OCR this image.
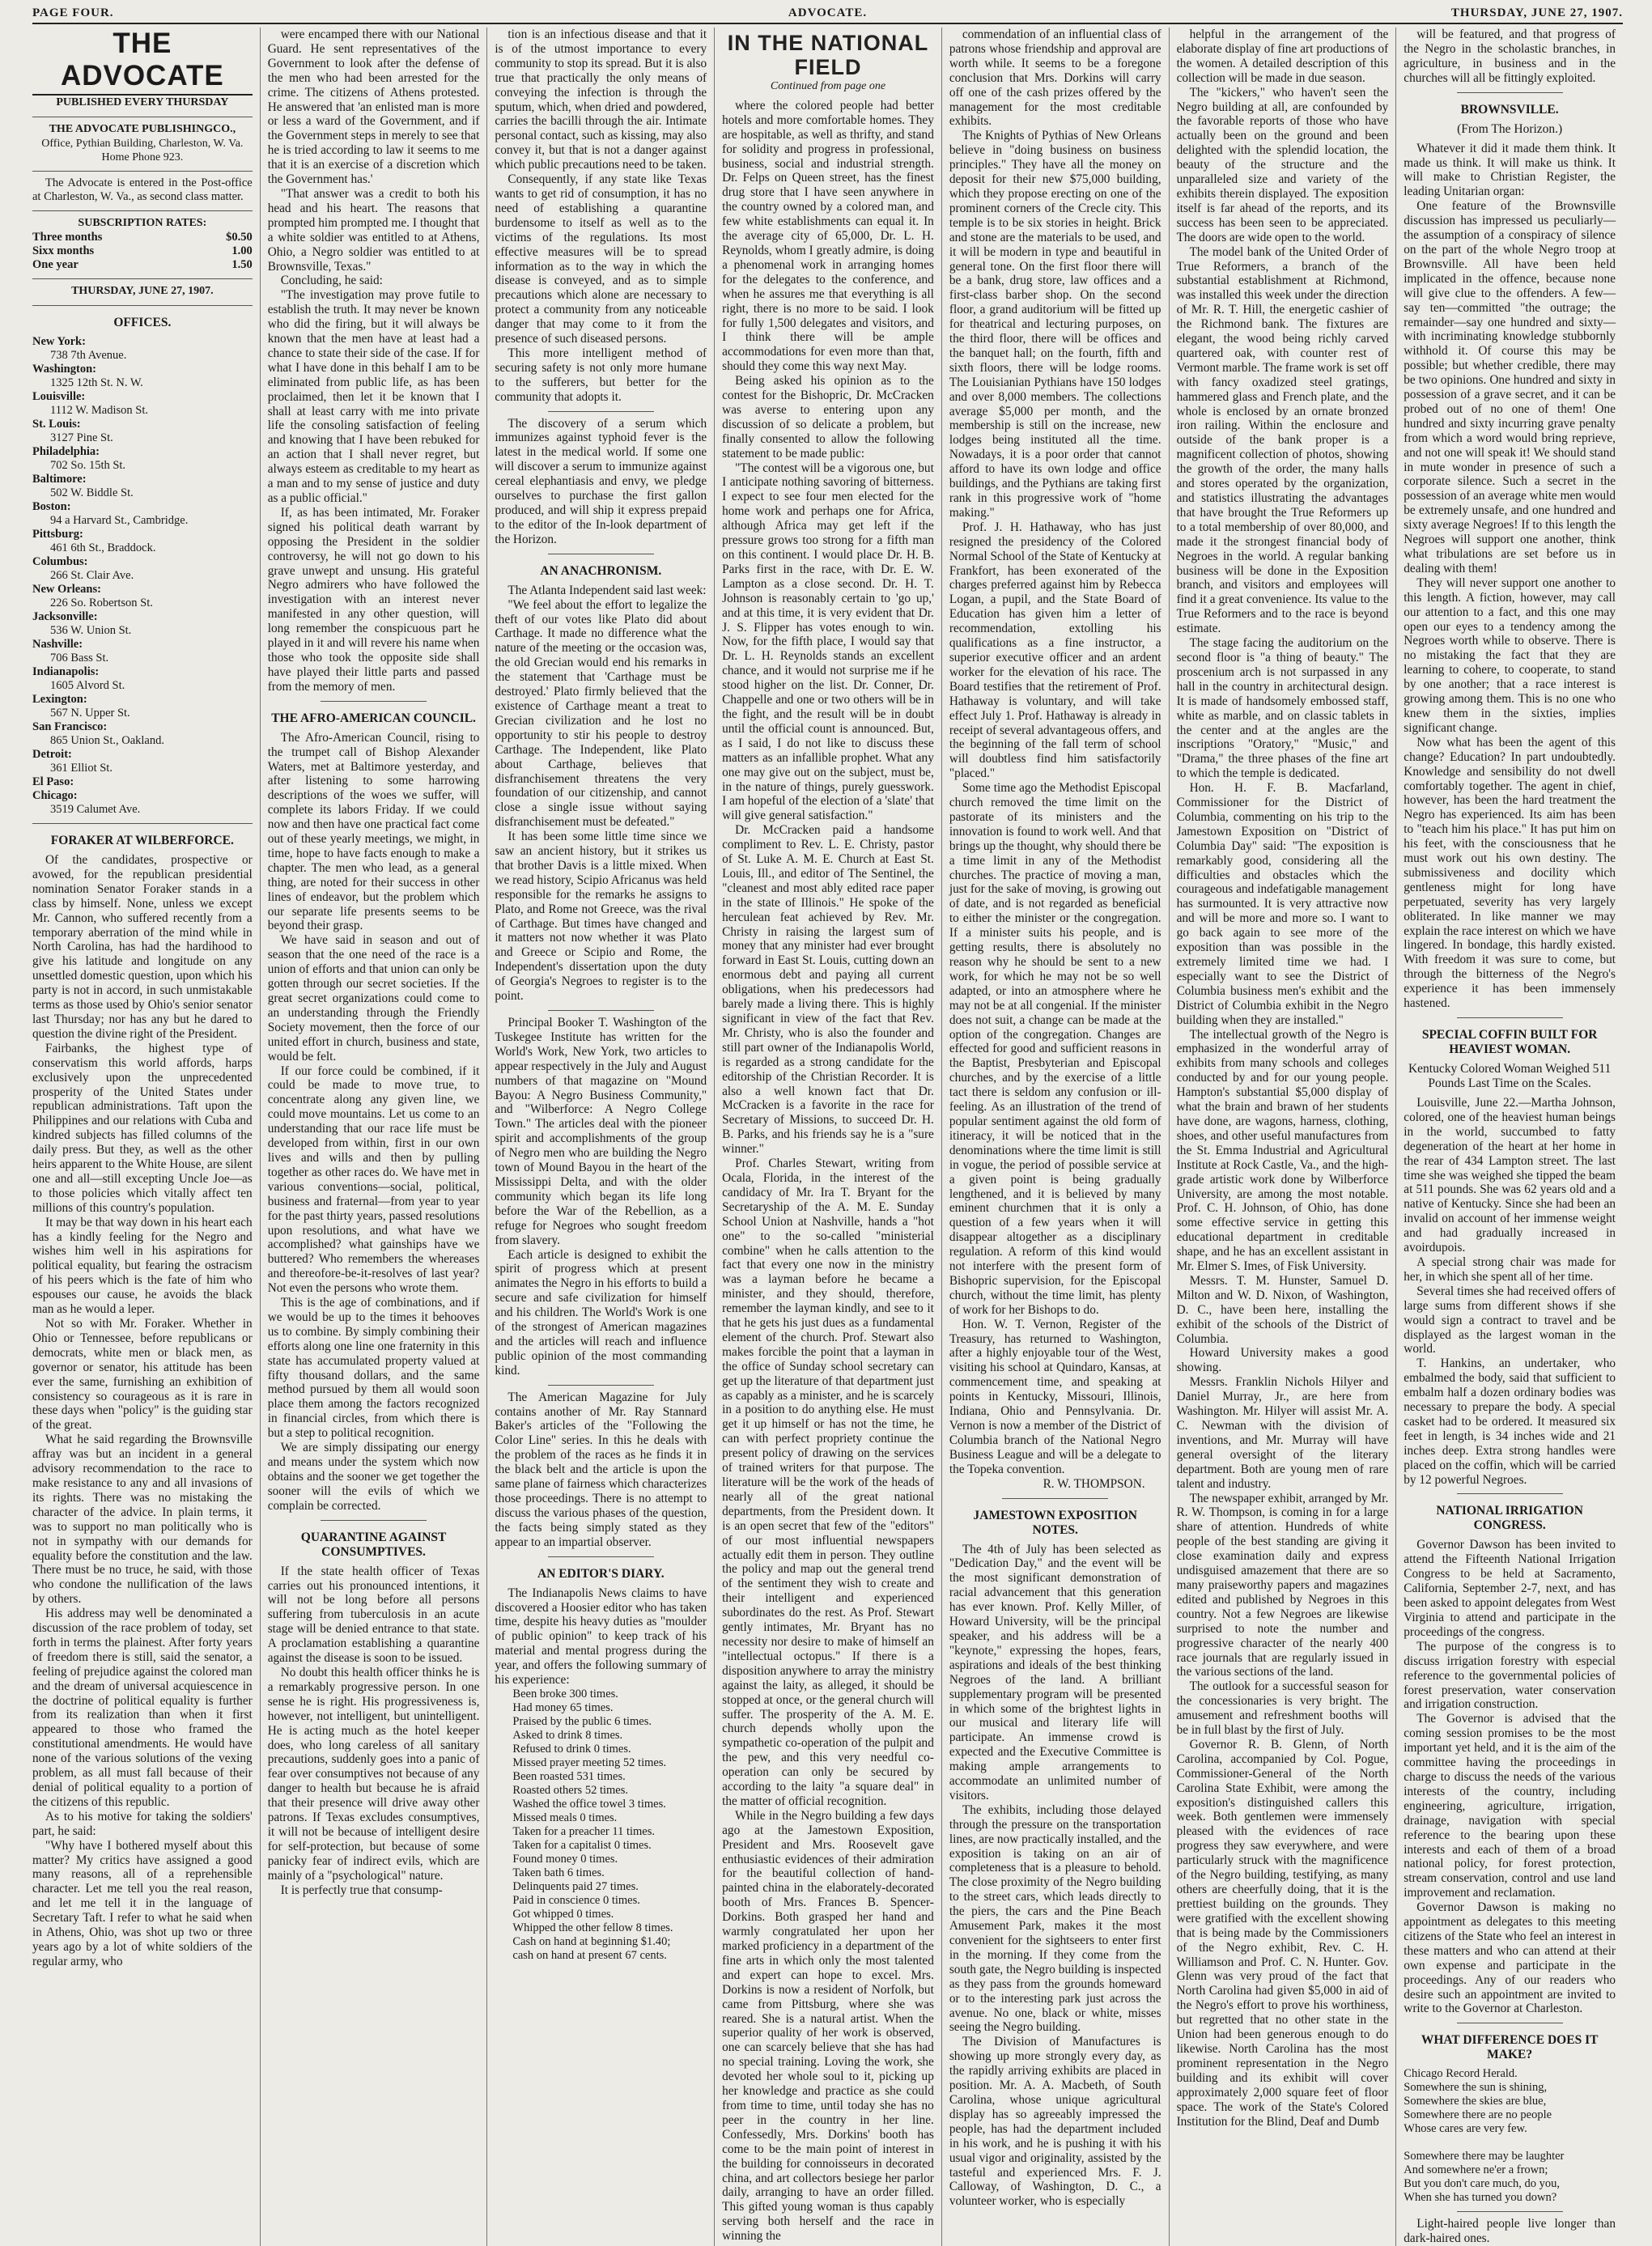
PAGE FOUR.	ADVOCATE.	THURSDAY, JUNE 27, 1907.
THE ADVOCATE
PUBLISHED EVERY THURSDAY
THE ADVOCATE PUBLISHINGCO.,
Office, Pythian Building, Charleston, W. Va.
Home Phone 923.

The Advocate is entered in the Post-office at Charleston, W. Va., as second class matter.

SUBSCRIPTION RATES:
Three months	$0.50
Sixx months	1.00
One year	1.50
THURSDAY, JUNE 27, 1907.
OFFICES.
New York:
738 7th Avenue.
Washington:
1325 12th St. N. W.
Louisville:
1112 W. Madison St.
St. Louis:
3127 Pine St.
Philadelphia:
702 So. 15th St.
Baltimore:
502 W. Biddle St.
Boston:
94 a Harvard St., Cambridge.
Pittsburg:
461 6th St., Braddock.
Columbus:
266 St. Clair Ave.
New Orleans:
226 So. Robertson St.
Jacksonville:
536 W. Union St.
Nashville:
706 Bass St.
Indianapolis:
1605 Alvord St.
Lexington:
567 N. Upper St.
San Francisco:
865 Union St., Oakland.
Detroit:
361 Elliot St.
El Paso:
Chicago:
3519 Calumet Ave.
FORAKER AT WILBERFORCE.

Of the candidates, prospective or avowed, for the republican presidential nomination Senator Foraker stands in a class by himself. None, unless we except Mr. Cannon, who suffered recently from a temporary aberration of the mind while in North Carolina, has had the hardihood to give his latitude and longitude on any unsettled domestic question, upon which his party is not in accord, in such unmistakable terms as those used by Ohio's senior senator last Thursday; nor has any but he dared to question the divine right of the President.

Fairbanks, the highest type of conservatism this world affords, harps exclusively upon the unprecedented prosperity of the United States under republican administrations. Taft upon the Philippines and our relations with Cuba and kindred subjects has filled columns of the daily press. But they, as well as the other heirs apparent to the White House, are silent one and all—still excepting Uncle Joe—as to those policies which vitally affect ten millions of this country's population.

It may be that way down in his heart each has a kindly feeling for the Negro and wishes him well in his aspirations for political equality, but fearing the ostracism of his peers which is the fate of him who espouses our cause, he avoids the black man as he would a leper.

Not so with Mr. Foraker. Whether in Ohio or Tennessee, before republicans or democrats, white men or black men, as governor or senator, his attitude has been ever the same, furnishing an exhibition of consistency so courageous as it is rare in these days when "policy" is the guiding star of the great.

What he said regarding the Brownsville affray was but an incident in a general advisory recommendation to the race to make resistance to any and all invasions of its rights. There was no mistaking the character of the advice. In plain terms, it was to support no man politically who is not in sympathy with our demands for equality before the constitution and the law. There must be no truce, he said, with those who condone the nullification of the laws by others.

His address may well be denominated a discussion of the race problem of today, set forth in terms the plainest. After forty years of freedom there is still, said the senator, a feeling of prejudice against the colored man and the dream of universal acquiescence in the doctrine of political equality is further from its realization than when it first appeared to those who framed the constitutional amendments. He would have none of the various solutions of the vexing problem, as all must fall because of their denial of political equality to a portion of the citizens of this republic.

As to his motive for taking the soldiers' part, he said:

"Why have I bothered myself about this matter? My critics have assigned a good many reasons, all of a reprehensible character. Let me tell you the real reason, and let me tell it in the language of Secretary Taft. I refer to what he said when in Athens, Ohio, was shot up two or three years ago by a lot of white soldiers of the regular army, who

were encamped there with our National Guard. He sent representatives of the Government to look after the defense of the men who had been arrested for the crime. The citizens of Athens protested. He answered that 'an enlisted man is more or less a ward of the Government, and if the Government steps in merely to see that he is tried according to law it seems to me that it is an exercise of a discretion which the Government has.'

"That answer was a credit to both his head and his heart. The reasons that prompted him prompted me. I thought that a white soldier was entitled to at Athens, Ohio, a Negro soldier was entitled to at Brownsville, Texas."

Concluding, he said:

"The investigation may prove futile to establish the truth. It may never be known who did the firing, but it will always be known that the men have at least had a chance to state their side of the case. If for what I have done in this behalf I am to be eliminated from public life, as has been proclaimed, then let it be known that I shall at least carry with me into private life the consoling satisfaction of feeling and knowing that I have been rebuked for an action that I shall never regret, but always esteem as creditable to my heart as a man and to my sense of justice and duty as a public official."

If, as has been intimated, Mr. Foraker signed his political death warrant by opposing the President in the soldier controversy, he will not go down to his grave unwept and unsung. His grateful Negro admirers who have followed the investigation with an interest never manifested in any other question, will long remember the conspicuous part he played in it and will revere his name when those who took the opposite side shall have played their little parts and passed from the memory of men.

THE AFRO-AMERICAN COUNCIL.

The Afro-American Council, rising to the trumpet call of Bishop Alexander Waters, met at Baltimore yesterday, and after listening to some harrowing descriptions of the woes we suffer, will complete its labors Friday. If we could now and then have one practical fact come out of these yearly meetings, we might, in time, hope to have facts enough to make a chapter. The men who lead, as a general thing, are noted for their success in other lines of endeavor, but the problem which our separate life presents seems to be beyond their grasp.

We have said in season and out of season that the one need of the race is a union of efforts and that union can only be gotten through our secret societies. If the great secret organizations could come to an understanding through the Friendly Society movement, then the force of our united effort in church, business and state, would be felt.

If our force could be combined, if it could be made to move true, to concentrate along any given line, we could move mountains. Let us come to an understanding that our race life must be developed from within, first in our own lives and wills and then by pulling together as other races do. We have met in various conventions—social, political, business and fraternal—from year to year for the past thirty years, passed resolutions upon resolutions, and what have we accomplished? what gainships have we buttered? Who remembers the whereases and thereofore-be-it-resolves of last year? Not even the persons who wrote them.

This is the age of combinations, and if we would be up to the times it behooves us to combine. By simply combining their efforts along one line one fraternity in this state has accumulated property valued at fifty thousand dollars, and the same method pursued by them all would soon place them among the factors recognized in financial circles, from which there is but a step to political recognition.

We are simply dissipating our energy and means under the system which now obtains and the sooner we get together the sooner will the evils of which we complain be corrected.

QUARANTINE AGAINST CONSUMPTIVES.

If the state health officer of Texas carries out his pronounced intentions, it will not be long before all persons suffering from tuberculosis in an acute stage will be denied entrance to that state. A proclamation establishing a quarantine against the disease is soon to be issued.

No doubt this health officer thinks he is a remarkably progressive person. In one sense he is right. His progressiveness is, however, not intelligent, but unintelligent. He is acting much as the hotel keeper does, who long careless of all sanitary precautions, suddenly goes into a panic of fear over consumptives not because of any danger to health but because he is afraid that their presence will drive away other patrons. If Texas excludes consumptives, it will not be because of intelligent desire for self-protection, but because of some panicky fear of indirect evils, which are mainly of a "psychological" nature.

It is perfectly true that consump-

tion is an infectious disease and that it is of the utmost importance to every community to stop its spread. But it is also true that practically the only means of conveying the infection is through the sputum, which, when dried and powdered, carries the bacilli through the air. Intimate personal contact, such as kissing, may also convey it, but that is not a danger against which public precautions need to be taken.

Consequently, if any state like Texas wants to get rid of consumption, it has no need of establishing a quarantine burdensome to itself as well as to the victims of the regulations. Its most effective measures will be to spread information as to the way in which the disease is conveyed, and as to simple precautions which alone are necessary to protect a community from any noticeable danger that may come to it from the presence of such diseased persons.

This more intelligent method of securing safety is not only more humane to the sufferers, but better for the community that adopts it.

The discovery of a serum which immunizes against typhoid fever is the latest in the medical world. If some one will discover a serum to immunize against cereal elephantiasis and envy, we pledge ourselves to purchase the first gallon produced, and will ship it express prepaid to the editor of the In-look department of the Horizon.

AN ANACHRONISM.

The Atlanta Independent said last week:

"We feel about the effort to legalize the theft of our votes like Plato did about Carthage. It made no difference what the nature of the meeting or the occasion was, the old Grecian would end his remarks in the statement that 'Carthage must be destroyed.' Plato firmly believed that the existence of Carthage meant a treat to Grecian civilization and he lost no opportunity to stir his people to destroy Carthage. The Independent, like Plato about Carthage, believes that disfranchisement threatens the very foundation of our citizenship, and cannot close a single issue without saying disfranchisement must be defeated."

It has been some little time since we saw an ancient history, but it strikes us that brother Davis is a little mixed. When we read history, Scipio Africanus was held responsible for the remarks he assigns to Plato, and Rome not Greece, was the rival of Carthage. But times have changed and it matters not now whether it was Plato and Greece or Scipio and Rome, the Independent's dissertation upon the duty of Georgia's Negroes to register is to the point.

Principal Booker T. Washington of the Tuskegee Institute has written for the World's Work, New York, two articles to appear respectively in the July and August numbers of that magazine on "Mound Bayou: A Negro Business Community," and "Wilberforce: A Negro College Town." The articles deal with the pioneer spirit and accomplishments of the group of Negro men who are building the Negro town of Mound Bayou in the heart of the Mississippi Delta, and with the older community which began its life long before the War of the Rebellion, as a refuge for Negroes who sought freedom from slavery.

Each article is designed to exhibit the spirit of progress which at present animates the Negro in his efforts to build a secure and safe civilization for himself and his children. The World's Work is one of the strongest of American magazines and the articles will reach and influence public opinion of the most commanding kind.

The American Magazine for July contains another of Mr. Ray Stannard Baker's articles of the "Following the Color Line" series. In this he deals with the problem of the races as he finds it in the black belt and the article is upon the same plane of fairness which characterizes those proceedings. There is no attempt to discuss the various phases of the question, the facts being simply stated as they appear to an impartial observer.

AN EDITOR'S DIARY.

The Indianapolis News claims to have discovered a Hoosier editor who has taken time, despite his heavy duties as "moulder of public opinion" to keep track of his material and mental progress during the year, and offers the following summary of his experience:

Been broke 300 times.
Had money 65 times.
Praised by the public 6 times.
Asked to drink 8 times.
Refused to drink 0 times.
Missed prayer meeting 52 times.
Been roasted 531 times.
Roasted others 52 times.
Washed the office towel 3 times.
Missed meals 0 times.
Taken for a preacher 11 times.
Taken for a capitalist 0 times.
Found money 0 times.
Taken bath 6 times.
Delinquents paid 27 times.
Paid in conscience 0 times.
Got whipped 0 times.
Whipped the other fellow 8 times.
Cash on hand at beginning $1.40;
cash on hand at present 67 cents.
IN THE NATIONAL FIELD
Continued from page one

where the colored people had better hotels and more comfortable homes. They are hospitable, as well as thrifty, and stand for solidity and progress in professional, business, social and industrial strength. Dr. Felps on Queen street, has the finest drug store that I have seen anywhere in the country owned by a colored man, and few white establishments can equal it. In the average city of 65,000, Dr. L. H. Reynolds, whom I greatly admire, is doing a phenomenal work in arranging homes for the delegates to the conference, and when he assures me that everything is all right, there is no more to be said. I look for fully 1,500 delegates and visitors, and I think there will be ample accommodations for even more than that, should they come this way next May.

Being asked his opinion as to the contest for the Bishopric, Dr. McCracken was averse to entering upon any discussion of so delicate a problem, but finally consented to allow the following statement to be made public:

"The contest will be a vigorous one, but I anticipate nothing savoring of bitterness. I expect to see four men elected for the home work and perhaps one for Africa, although Africa may get left if the pressure grows too strong for a fifth man on this continent. I would place Dr. H. B. Parks first in the race, with Dr. E. W. Lampton as a close second. Dr. H. T. Johnson is reasonably certain to 'go up,' and at this time, it is very evident that Dr. J. S. Flipper has votes enough to win. Now, for the fifth place, I would say that Dr. L. H. Reynolds stands an excellent chance, and it would not surprise me if he stood higher on the list. Dr. Conner, Dr. Chappelle and one or two others will be in the fight, and the result will be in doubt until the official count is announced. But, as I said, I do not like to discuss these matters as an infallible prophet. What any one may give out on the subject, must be, in the nature of things, purely guesswork. I am hopeful of the election of a 'slate' that will give general satisfaction."

Dr. McCracken paid a handsome compliment to Rev. L. E. Christy, pastor of St. Luke A. M. E. Church at East St. Louis, Ill., and editor of The Sentinel, the "cleanest and most ably edited race paper in the state of Illinois." He spoke of the herculean feat achieved by Rev. Mr. Christy in raising the largest sum of money that any minister had ever brought forward in East St. Louis, cutting down an enormous debt and paying all current obligations, when his predecessors had barely made a living there. This is highly significant in view of the fact that Rev. Mr. Christy, who is also the founder and still part owner of the Indianapolis World, is regarded as a strong candidate for the editorship of the Christian Recorder. It is also a well known fact that Dr. McCracken is a favorite in the race for Secretary of Missions, to succeed Dr. H. B. Parks, and his friends say he is a "sure winner."

Prof. Charles Stewart, writing from Ocala, Florida, in the interest of the candidacy of Mr. Ira T. Bryant for the Secretaryship of the A. M. E. Sunday School Union at Nashville, hands a "hot one" to the so-called "ministerial combine" when he calls attention to the fact that every one now in the ministry was a layman before he became a minister, and they should, therefore, remember the layman kindly, and see to it that he gets his just dues as a fundamental element of the church. Prof. Stewart also makes forcible the point that a layman in the office of Sunday school secretary can get up the literature of that department just as capably as a minister, and he is scarcely in a position to do anything else. He must get it up himself or has not the time, he can with perfect propriety continue the present policy of drawing on the services of trained writers for that purpose. The literature will be the work of the heads of nearly all of the great national departments, from the President down. It is an open secret that few of the "editors" of our most influential newspapers actually edit them in person. They outline the policy and map out the general trend of the sentiment they wish to create and their intelligent and experienced subordinates do the rest. As Prof. Stewart gently intimates, Mr. Bryant has no necessity nor desire to make of himself an "intellectual octopus." If there is a disposition anywhere to array the ministry against the laity, as alleged, it should be stopped at once, or the general church will suffer. The prosperity of the A. M. E. church depends wholly upon the sympathetic co-operation of the pulpit and the pew, and this very needful co-operation can only be secured by according to the laity "a square deal" in the matter of official recognition.

While in the Negro building a few days ago at the Jamestown Exposition, President and Mrs. Roosevelt gave enthusiastic evidences of their admiration for the beautiful collection of hand-painted china in the elaborately-decorated booth of Mrs. Frances B. Spencer-Dorkins. Both grasped her hand and warmly congratulated her upon her marked proficiency in a department of the fine arts in which only the most talented and expert can hope to excel. Mrs. Dorkins is now a resident of Norfolk, but came from Pittsburg, where she was reared. She is a natural artist. When the superior quality of her work is observed, one can scarcely believe that she has had no special training. Loving the work, she devoted her whole soul to it, picking up her knowledge and practice as she could from time to time, until today she has no peer in the country in her line. Confessedly, Mrs. Dorkins' booth has come to be the main point of interest in the building for connoisseurs in decorated china, and art collectors besiege her parlor daily, arranging to have an order filled. This gifted young woman is thus capably serving both herself and the race in winning the

commendation of an influential class of patrons whose friendship and approval are worth while. It seems to be a foregone conclusion that Mrs. Dorkins will carry off one of the cash prizes offered by the management for the most creditable exhibits.

The Knights of Pythias of New Orleans believe in "doing business on business principles." They have all the money on deposit for their new $75,000 building, which they propose erecting on one of the prominent corners of the Crecle city. This temple is to be six stories in height. Brick and stone are the materials to be used, and it will be modern in type and beautiful in general tone. On the first floor there will be a bank, drug store, law offices and a first-class barber shop. On the second floor, a grand auditorium will be fitted up for theatrical and lecturing purposes, on the third floor, there will be offices and the banquet hall; on the fourth, fifth and sixth floors, there will be lodge rooms. The Louisianian Pythians have 150 lodges and over 8,000 members. The collections average $5,000 per month, and the membership is still on the increase, new lodges being instituted all the time. Nowadays, it is a poor order that cannot afford to have its own lodge and office buildings, and the Pythians are taking first rank in this progressive work of "home making."

Prof. J. H. Hathaway, who has just resigned the presidency of the Colored Normal School of the State of Kentucky at Frankfort, has been exonerated of the charges preferred against him by Rebecca Logan, a pupil, and the State Board of Education has given him a letter of recommendation, extolling his qualifications as a fine instructor, a superior executive officer and an ardent worker for the elevation of his race. The Board testifies that the retirement of Prof. Hathaway is voluntary, and will take effect July 1. Prof. Hathaway is already in receipt of several advantageous offers, and the beginning of the fall term of school will doubtless find him satisfactorily "placed."

Some time ago the Methodist Episcopal church removed the time limit on the pastorate of its ministers and the innovation is found to work well. And that brings up the thought, why should there be a time limit in any of the Methodist churches. The practice of moving a man, just for the sake of moving, is growing out of date, and is not regarded as beneficial to either the minister or the congregation. If a minister suits his people, and is getting results, there is absolutely no reason why he should be sent to a new work, for which he may not be so well adapted, or into an atmosphere where he may not be at all congenial. If the minister does not suit, a change can be made at the option of the congregation. Changes are effected for good and sufficient reasons in the Baptist, Presbyterian and Episcopal churches, and by the exercise of a little tact there is seldom any confusion or ill-feeling. As an illustration of the trend of popular sentiment against the old form of itineracy, it will be noticed that in the denominations where the time limit is still in vogue, the period of possible service at a given point is being gradually lengthened, and it is believed by many eminent churchmen that it is only a question of a few years when it will disappear altogether as a disciplinary regulation. A reform of this kind would not interfere with the present form of Bishopric supervision, for the Episcopal church, without the time limit, has plenty of work for her Bishops to do.

Hon. W. T. Vernon, Register of the Treasury, has returned to Washington, after a highly enjoyable tour of the West, visiting his school at Quindaro, Kansas, at commencement time, and speaking at points in Kentucky, Missouri, Illinois, Indiana, Ohio and Pennsylvania. Dr. Vernon is now a member of the District of Columbia branch of the National Negro Business League and will be a delegate to the Topeka convention.

R. W. THOMPSON.

JAMESTOWN EXPOSITION NOTES.

The 4th of July has been selected as "Dedication Day," and the event will be the most significant demonstration of racial advancement that this generation has ever known. Prof. Kelly Miller, of Howard University, will be the principal speaker, and his address will be a "keynote," expressing the hopes, fears, aspirations and ideals of the best thinking Negroes of the land. A brilliant supplementary program will be presented in which some of the brightest lights in our musical and literary life will participate. An immense crowd is expected and the Executive Committee is making ample arrangements to accommodate an unlimited number of visitors.

The exhibits, including those delayed through the pressure on the transportation lines, are now practically installed, and the exposition is taking on an air of completeness that is a pleasure to behold. The close proximity of the Negro building to the street cars, which leads directly to the piers, the cars and the Pine Beach Amusement Park, makes it the most convenient for the sightseers to enter first in the morning. If they come from the south gate, the Negro building is inspected as they pass from the grounds homeward or to the interesting park just across the avenue. No one, black or white, misses seeing the Negro building.

The Division of Manufactures is showing up more strongly every day, as the rapidly arriving exhibits are placed in position. Mr. A. A. Macbeth, of South Carolina, whose unique agricultural display has so agreeably impressed the people, has had the department included in his work, and he is pushing it with his usual vigor and originality, assisted by the tasteful and experienced Mrs. F. J. Calloway, of Washington, D. C., a volunteer worker, who is especially

helpful in the arrangement of the elaborate display of fine art productions of the women. A detailed description of this collection will be made in due season.

The "kickers," who haven't seen the Negro building at all, are confounded by the favorable reports of those who have actually been on the ground and been delighted with the splendid location, the beauty of the structure and the unparalleled size and variety of the exhibits therein displayed. The exposition itself is far ahead of the reports, and its success has been seen to be appreciated. The doors are wide open to the world.

The model bank of the United Order of True Reformers, a branch of the substantial establishment at Richmond, was installed this week under the direction of Mr. R. T. Hill, the energetic cashier of the Richmond bank. The fixtures are elegant, the wood being richly carved quartered oak, with counter rest of Vermont marble. The frame work is set off with fancy oxadized steel gratings, hammered glass and French plate, and the whole is enclosed by an ornate bronzed iron railing. Within the enclosure and outside of the bank proper is a magnificent collection of photos, showing the growth of the order, the many halls and stores operated by the organization, and statistics illustrating the advantages that have brought the True Reformers up to a total membership of over 80,000, and made it the strongest financial body of Negroes in the world. A regular banking business will be done in the Exposition branch, and visitors and employees will find it a great convenience. Its value to the True Reformers and to the race is beyond estimate.

The stage facing the auditorium on the second floor is "a thing of beauty." The proscenium arch is not surpassed in any hall in the country in architectural design. It is made of handsomely embossed staff, white as marble, and on classic tablets in the center and at the angles are the inscriptions "Oratory," "Music," and "Drama," the three phases of the fine art to which the temple is dedicated.

Hon. H. F. B. Macfarland, Commissioner for the District of Columbia, commenting on his trip to the Jamestown Exposition on "District of Columbia Day" said: "The exposition is remarkably good, considering all the difficulties and obstacles which the courageous and indefatigable management has surmounted. It is very attractive now and will be more and more so. I want to go back again to see more of the exposition than was possible in the extremely limited time we had. I especially want to see the District of Columbia business men's exhibit and the District of Columbia exhibit in the Negro building when they are installed."

The intellectual growth of the Negro is emphasized in the wonderful array of exhibits from many schools and colleges conducted by and for our young people. Hampton's substantial $5,000 display of what the brain and brawn of her students have done, are wagons, harness, clothing, shoes, and other useful manufactures from the St. Emma Industrial and Agricultural Institute at Rock Castle, Va., and the high-grade artistic work done by Wilberforce University, are among the most notable. Prof. C. H. Johnson, of Ohio, has done some effective service in getting this educational department in creditable shape, and he has an excellent assistant in Mr. Elmer S. Imes, of Fisk University.

Messrs. T. M. Hunster, Samuel D. Milton and W. D. Nixon, of Washington, D. C., have been here, installing the exhibit of the schools of the District of Columbia.

Howard University makes a good showing.

Messrs. Franklin Nichols Hilyer and Daniel Murray, Jr., are here from Washington. Mr. Hilyer will assist Mr. A. C. Newman with the division of inventions, and Mr. Murray will have general oversight of the literary department. Both are young men of rare talent and industry.

The newspaper exhibit, arranged by Mr. R. W. Thompson, is coming in for a large share of attention. Hundreds of white people of the best standing are giving it close examination daily and express undisguised amazement that there are so many praiseworthy papers and magazines edited and published by Negroes in this country. Not a few Negroes are likewise surprised to note the number and progressive character of the nearly 400 race journals that are regularly issued in the various sections of the land.

The outlook for a successful season for the concessionaries is very bright. The amusement and refreshment booths will be in full blast by the first of July.

Governor R. B. Glenn, of North Carolina, accompanied by Col. Pogue, Commissioner-General of the North Carolina State Exhibit, were among the exposition's distinguished callers this week. Both gentlemen were immensely pleased with the evidences of race progress they saw everywhere, and were particularly struck with the magnificence of the Negro building, testifying, as many others are cheerfully doing, that it is the prettiest building on the grounds. They were gratified with the excellent showing that is being made by the Commissioners of the Negro exhibit, Rev. C. H. Williamson and Prof. C. N. Hunter. Gov. Glenn was very proud of the fact that North Carolina had given $5,000 in aid of the Negro's effort to prove his worthiness, but regretted that no other state in the Union had been generous enough to do likewise. North Carolina has the most prominent representation in the Negro building and its exhibit will cover approximately 2,000 square feet of floor space. The work of the State's Colored Institution for the Blind, Deaf and Dumb

will be featured, and that progress of the Negro in the scholastic branches, in agriculture, in business and in the churches will all be fittingly exploited.

BROWNSVILLE.
(From The Horizon.)

Whatever it did it made them think. It made us think. It will make us think. It will make to Christian Register, the leading Unitarian organ:

One feature of the Brownsville discussion has impressed us peculiarly—the assumption of a conspiracy of silence on the part of the whole Negro troop at Brownsville. All have been held implicated in the offence, because none will give clue to the offenders. A few—say ten—committed "the outrage; the remainder—say one hundred and sixty—with incriminating knowledge stubbornly withhold it. Of course this may be possible; but whether credible, there may be two opinions. One hundred and sixty in possession of a grave secret, and it can be probed out of no one of them! One hundred and sixty incurring grave penalty from which a word would bring reprieve, and not one will speak it! We should stand in mute wonder in presence of such a corporate silence. Such a secret in the possession of an average white men would be extremely unsafe, and one hundred and sixty average Negroes! If to this length the Negroes will support one another, think what tribulations are set before us in dealing with them!

They will never support one another to this length. A fiction, however, may call our attention to a fact, and this one may open our eyes to a tendency among the Negroes worth while to observe. There is no mistaking the fact that they are learning to cohere, to cooperate, to stand by one another; that a race interest is growing among them. This is no one who knew them in the sixties, implies significant change.

Now what has been the agent of this change? Education? In part undoubtedly. Knowledge and sensibility do not dwell comfortably together. The agent in chief, however, has been the hard treatment the Negro has experienced. Its aim has been to "teach him his place." It has put him on his feet, with the consciousness that he must work out his own destiny. The submissiveness and docility which gentleness might for long have perpetuated, severity has very largely obliterated. In like manner we may explain the race interest on which we have lingered. In bondage, this hardly existed. With freedom it was sure to come, but through the bitterness of the Negro's experience it has been immensely hastened.

SPECIAL COFFIN BUILT FOR HEAVIEST WOMAN.
Kentucky Colored Woman Weighed 511 Pounds Last Time on the Scales.

Louisville, June 22.—Martha Johnson, colored, one of the heaviest human beings in the world, succumbed to fatty degeneration of the heart at her home in the rear of 434 Lampton street. The last time she was weighed she tipped the beam at 511 pounds. She was 62 years old and a native of Kentucky. Since she had been an invalid on account of her immense weight and had gradually increased in avoirdupois.

A special strong chair was made for her, in which she spent all of her time.

Several times she had received offers of large sums from different shows if she would sign a contract to travel and be displayed as the largest woman in the world.

T. Hankins, an undertaker, who embalmed the body, said that sufficient to embalm half a dozen ordinary bodies was necessary to prepare the body. A special casket had to be ordered. It measured six feet in length, is 34 inches wide and 21 inches deep. Extra strong handles were placed on the coffin, which will be carried by 12 powerful Negroes.

NATIONAL IRRIGATION CONGRESS.

Governor Dawson has been invited to attend the Fifteenth National Irrigation Congress to be held at Sacramento, California, September 2-7, next, and has been asked to appoint delegates from West Virginia to attend and participate in the proceedings of the congress.

The purpose of the congress is to discuss irrigation forestry with especial reference to the governmental policies of forest preservation, water conservation and irrigation construction.

The Governor is advised that the coming session promises to be the most important yet held, and it is the aim of the committee having the proceedings in charge to discuss the needs of the various interests of the country, including engineering, agriculture, irrigation, drainage, navigation with special reference to the bearing upon these interests and each of them of a broad national policy, for forest protection, stream conservation, control and use land improvement and reclamation.

Governor Dawson is making no appointment as delegates to this meeting citizens of the State who feel an interest in these matters and who can attend at their own expense and participate in the proceedings. Any of our readers who desire such an appointment are invited to write to the Governor at Charleston.

WHAT DIFFERENCE DOES IT MAKE?
Chicago Record Herald.
Somewhere the sun is shining,
Somewhere the skies are blue,
Somewhere there are no people
Whose cares are very few.
Somewhere there may be laughter
And somewhere ne'er a frown;
But you don't care much, do you,
When she has turned you down?

Light-haired people live longer than dark-haired ones.
